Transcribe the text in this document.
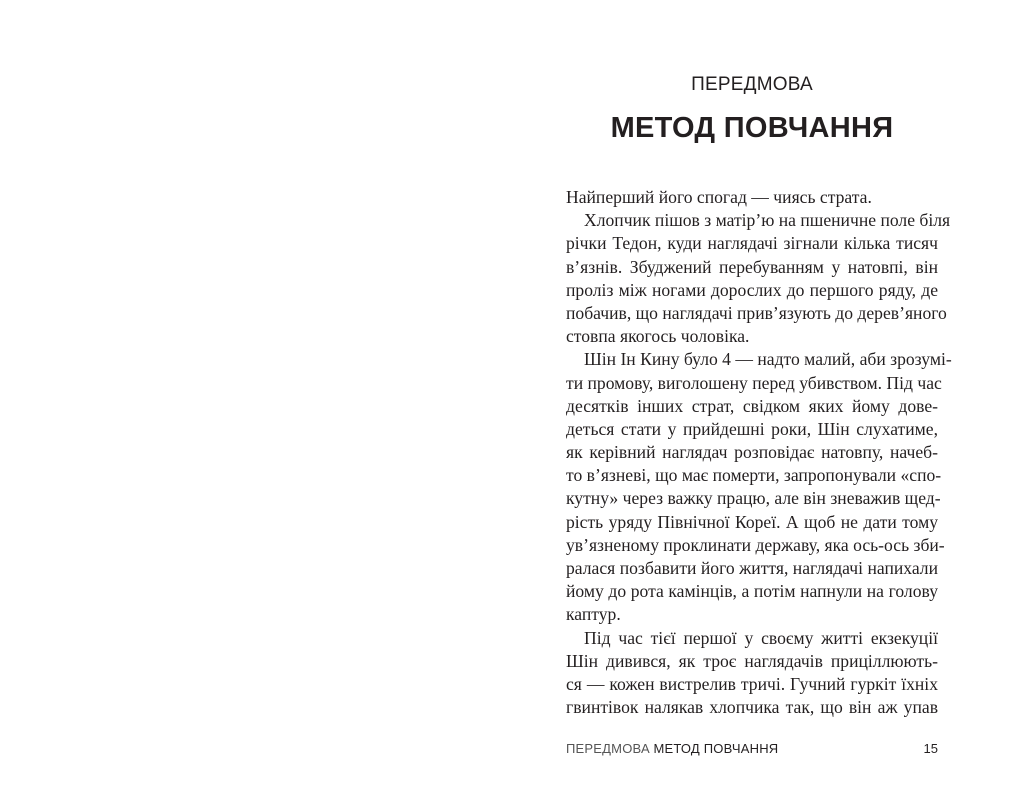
ПЕРЕДМОВА
МЕТОД ПОВЧАННЯ

Найперший його спогад — чиясь страта.

Хлопчик пішов з матір’ю на пшеничне поле біля
річки Тедон, куди наглядачі зігнали кілька тисяч
в’язнів. Збуджений перебуванням у натовпі, він
проліз між ногами дорослих до першого ряду, де
побачив, що наглядачі прив’язують до дерев’яного
стовпа якогось чоловіка.

Шін Ін Кину було 4 — надто малий, аби зрозумі-
ти промову, виголошену перед убивством. Під час
десятків інших страт, свідком яких йому дове-
деться стати у прийдешні роки, Шін слухатиме,
як керівний наглядач розповідає натовпу, начеб-
то в’язневі, що має померти, запропонували «спо-
кутну» через важку працю, але він зневажив щед-
рість уряду Північної Кореї. А щоб не дати тому
ув’язненому проклинати державу, яка ось-ось зби-
ралася позбавити його життя, наглядачі напихали
йому до рота камінців, а потім напнули на голову
каптур.

Під час тієї першої у своєму житті екзекуції
Шін дивився, як троє наглядачів приціллюють-
ся — кожен вистрелив тричі. Гучний гуркіт їхніх
гвинтівок налякав хлопчика так, що він аж упав

ПЕРЕДМОВА МЕТОД ПОВЧАННЯ	15
